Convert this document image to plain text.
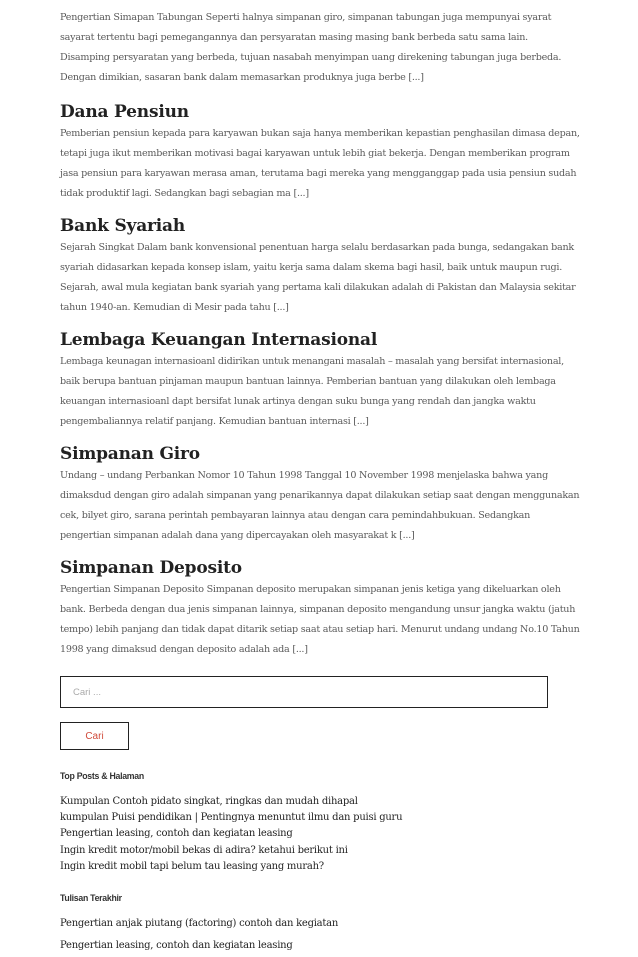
Pengertian Simapan Tabungan Seperti halnya simpanan giro, simpanan tabungan juga mempunyai syarat sayarat tertentu bagi pemegangannya dan persyaratan masing masing bank berbeda satu sama lain. Disamping persyaratan yang berbeda, tujuan nasabah menyimpan uang direkening tabungan juga berbeda. Dengan dimikian, sasaran bank dalam memasarkan produknya juga berbe [...]

Dana Pensiun

Pemberian pensiun kepada para karyawan bukan saja hanya memberikan kepastian penghasilan dimasa depan, tetapi juga ikut memberikan motivasi bagai karyawan untuk lebih giat bekerja. Dengan memberikan program jasa pensiun para karyawan merasa aman, terutama bagi mereka yang mengganggap pada usia pensiun sudah tidak produktif lagi. Sedangkan bagi sebagian ma [...]

Bank Syariah

Sejarah Singkat Dalam bank konvensional penentuan harga selalu berdasarkan pada bunga, sedangakan bank syariah didasarkan kepada konsep islam, yaitu kerja sama dalam skema bagi hasil, baik untuk maupun rugi. Sejarah, awal mula kegiatan bank syariah yang pertama kali dilakukan adalah di Pakistan dan Malaysia sekitar tahun 1940-an. Kemudian di Mesir pada tahu [...]

Lembaga Keuangan Internasional

Lembaga keunagan internasioanl didirikan untuk menangani masalah – masalah yang bersifat internasional, baik berupa bantuan pinjaman maupun bantuan lainnya. Pemberian bantuan yang dilakukan oleh lembaga keuangan internasioanl dapt bersifat lunak artinya dengan suku bunga yang rendah dan jangka waktu pengembaliannya relatif panjang. Kemudian bantuan internasi [...]

Simpanan Giro

Undang – undang Perbankan Nomor 10 Tahun 1998 Tanggal 10 November 1998 menjelaska bahwa yang dimaksdud dengan giro adalah simpanan yang penarikannya dapat dilakukan setiap saat dengan menggunakan cek, bilyet giro, sarana perintah pembayaran lainnya atau dengan cara pemindahbukuan. Sedangkan pengertian simpanan adalah dana yang dipercayakan oleh masyarakat k [...]

Simpanan Deposito

Pengertian Simpanan Deposito Simpanan deposito merupakan simpanan jenis ketiga yang dikeluarkan oleh bank. Berbeda dengan dua jenis simpanan lainnya, simpanan deposito mengandung unsur jangka waktu (jatuh tempo) lebih panjang dan tidak dapat ditarik setiap saat atau setiap hari. Menurut undang undang No.10 Tahun 1998 yang dimaksud dengan deposito adalah ada [...]

Cari ...
Cari
Top Posts & Halaman
Kumpulan Contoh pidato singkat, ringkas dan mudah dihapal
kumpulan Puisi pendidikan | Pentingnya menuntut ilmu dan puisi guru
Pengertian leasing, contoh dan kegiatan leasing
Ingin kredit motor/mobil bekas di adira? ketahui berikut ini
Ingin kredit mobil tapi belum tau leasing yang murah?
Tulisan Terakhir
Pengertian anjak piutang (factoring) contoh dan kegiatan
Pengertian leasing, contoh dan kegiatan leasing
